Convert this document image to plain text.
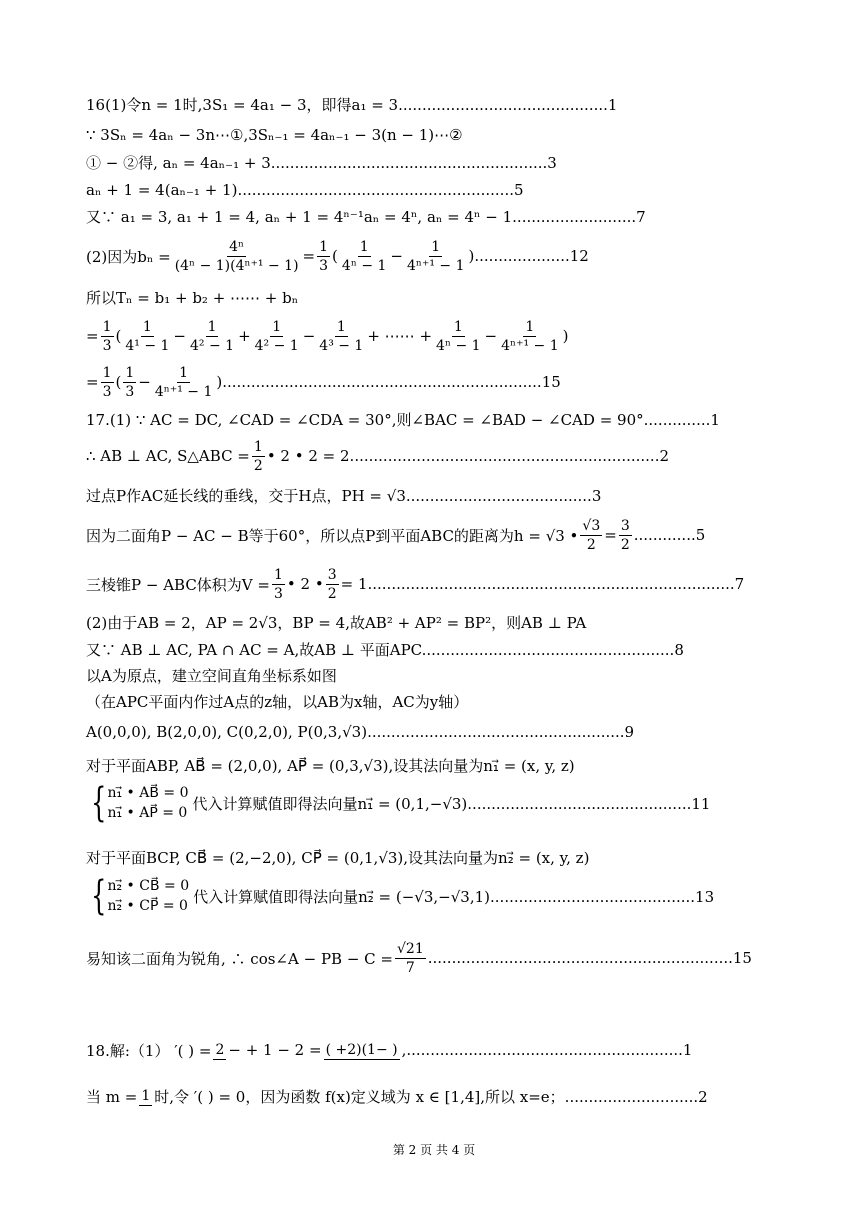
16(1)令n = 1时,3S₁ = 4a₁ − 3，即得a₁ = 3............................................1
∵ 3Sₙ = 4aₙ − 3n⋯①,3Sₙ₋₁ = 4aₙ₋₁ − 3(n − 1)⋯②
① − ②得, aₙ = 4aₙ₋₁ + 3..........................................................3
aₙ + 1 = 4(aₙ₋₁ + 1)..........................................................5
又∵ a₁ = 3, a₁ + 1 = 4, aₙ + 1 = 4ⁿ⁻¹aₙ = 4ⁿ, aₙ = 4ⁿ − 1..........................7
(2)因为$b_n = \frac{\text{4ⁿ}}{\text{(4ⁿ − 1)(4ⁿ⁺¹ − 1)}} = \frac{1}{3}$ ( $\frac{1}{\text{4ⁿ − 1}} - \frac{1}{\text{4ⁿ⁺¹ − 1}} )....................12$
所以Tₙ = b₁ + b₂ + ⋯⋯ + bₙ
= $\frac{1}{3}$ ( $\frac{1}{\text{4¹ − 1}} - \frac{1}{\text{4² − 1}} + \frac{1}{\text{4² − 1}} - \frac{1}{\text{4³ − 1}}$ + ⋯⋯ + $\frac{1}{\text{4ⁿ − 1}} - \frac{1}{\text{4ⁿ⁺¹ − 1}}$ )
= $\frac{1}{3}$ ( $\frac{1}{3} - \frac{1}{\text{4ⁿ⁺¹ − 1}} )...................................................................15$
17.(1) ∵ AC = DC, ∠CAD = ∠CDA = 30°,则∠BAC = ∠BAD − ∠CAD = 90°..............1
∴ AB ⊥ AC, S△ABC = $\frac{1}{2}$ • 2 • 2 = 2.................................................................2
过点P作AC延长线的垂线，交于H点，PH = √3.......................................3
因为二面角P − AC − B等于60°，所以点P到平面ABC的距离为h = √3 • $\frac{√3}{2} = \frac{3}{2} .............5$
三棱锥P − ABC体积为$V = \frac{1}{3}$ • 2 • $\frac{3}{2} = 1.............................................................................7$
(2)由于AB = 2，AP = 2√3，BP = 4,故AB² + AP² = BP²，则AB ⊥ PA
又∵ AB ⊥ AC, PA ∩ AC = A,故AB ⊥ 平面APC.....................................................8
以A为原点，建立空间直角坐标系如图
（在APC平面内作过A点的z轴，以AB为x轴，AC为y轴）
A(0,0,0), B(2,0,0), C(0,2,0), P(0,3,√3)......................................................9
对于平面ABP, AB⃗ = (2,0,0), AP⃗ = (0,3,√3),设其法向量为n₁⃗ = (x, y, z)
{ n₁⃗ • AB⃗ = 0
n₁⃗ • AP⃗ = 0
代入计算赋值即得法向量n₁⃗ = (0,1,−√3)...............................................11
对于平面BCP, CB⃗ = (2,−2,0), CP⃗ = (0,1,√3),设其法向量为n₂⃗ = (x, y, z)
{ n₂⃗ • CB⃗ = 0
n₂⃗ • CP⃗ = 0
代入计算赋值即得法向量n₂⃗ = (−√3,−√3,1)...........................................13
易知该二面角为锐角, ∴ cos∠A − PB − $C = \frac{√21}{7} ................................................................15$
18.解:（1） ′( ) = 2 − + 1 − 2 = ( +2)(1− ) ,..........................................................1
当 m = 1 时,令 ′( ) = 0，因为函数 f(x)定义域为 x ∈ [1,4],所以 x=e；............................2
第 2 页 共 4 页
